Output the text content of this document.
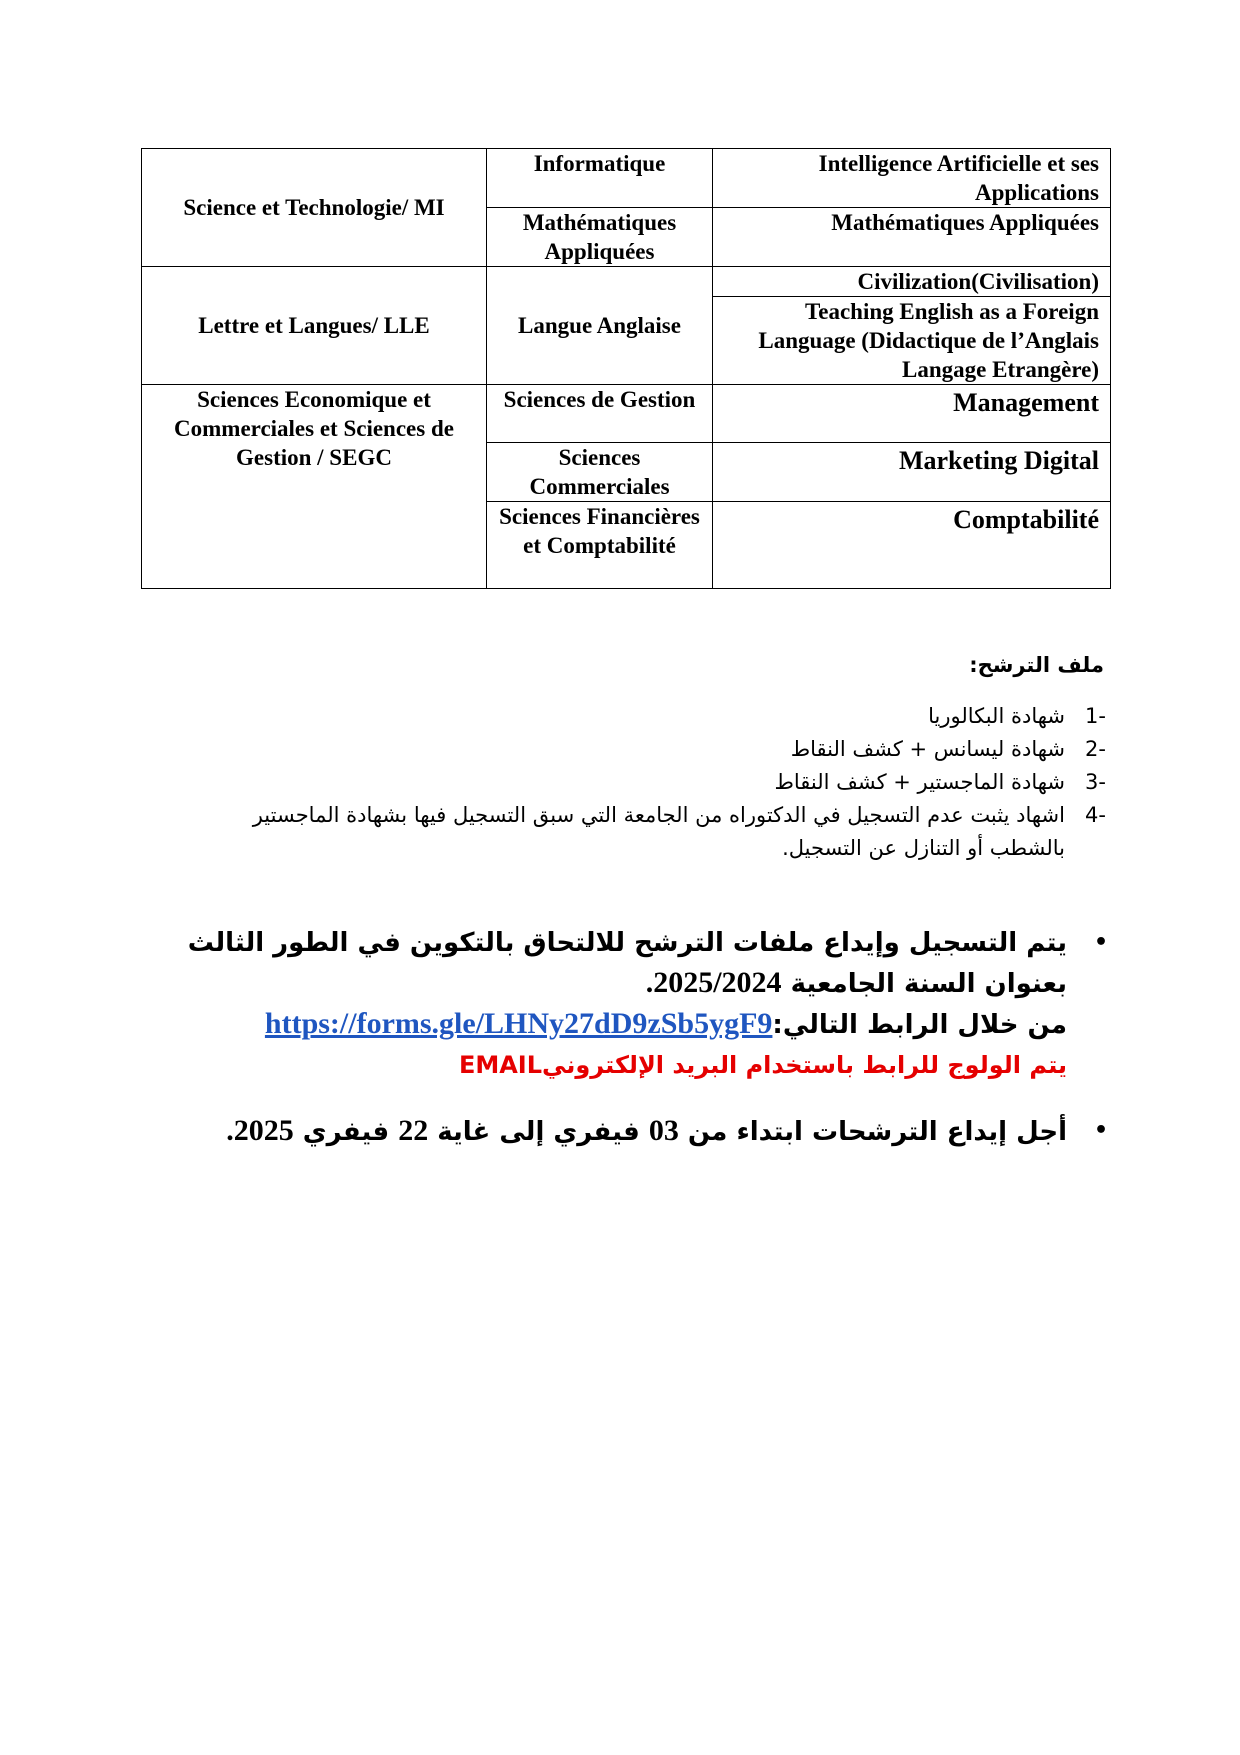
Science et Technologie/ MI	Informatique	Intelligence Artificielle et ses Applications
	Mathématiques Appliquées	Mathématiques Appliquées
Lettre et Langues/ LLE	Langue Anglaise	Civilization(Civilisation)
		Teaching English as a Foreign Language (Didactique de l’Anglais Langage Etrangère)
Sciences Economique et Commerciales et Sciences de Gestion / SEGC	Sciences de Gestion	Management
	Sciences Commerciales	Marketing Digital
	Sciences Financières et Comptabilité	Comptabilité
ملف الترشح:
1-
شهادة البكالوريا
2-
شهادة ليسانس + كشف النقاط
3-
شهادة الماجستير + كشف النقاط
4-
اشهاد يثبت عدم التسجيل في الدكتوراه من الجامعة التي سبق التسجيل فيها بشهادة الماجستير بالشطب أو التنازل عن التسجيل.
•
يتم التسجيل وإيداع ملفات الترشح للالتحاق بالتكوين في الطور الثالث بعنوان السنة الجامعية 2025/2024.
من خلال الرابط التالي:https://forms.gle/LHNy27dD9zSb5ygF9
يتم الولوج للرابط باستخدام البريد الإلكترونيEMAIL
•
أجل إيداع الترشحات ابتداء من 03 فيفري إلى غاية 22 فيفري 2025.
